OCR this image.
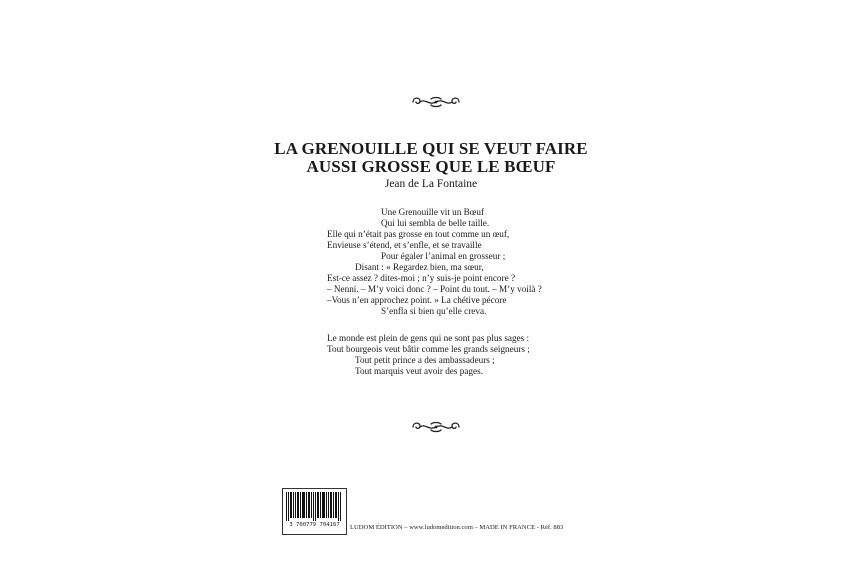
LA GRENOUILLE QUI SE VEUT FAIRE
AUSSI GROSSE QUE LE BŒUF
Jean de La Fontaine
Une Grenouille vit un Bœuf
Qui lui sembla de belle taille.
Elle qui n’était pas grosse en tout comme un œuf,
Envieuse s’étend, et s’enfle, et se travaille
Pour égaler l’animal en grosseur ;
Disant : « Regardez bien, ma sœur,
Est-ce assez ? dites-moi ; n’y suis-je point encore ?
– Nenni. – M’y voici donc ? – Point du tout. – M’y voilà ?
–Vous n’en approchez point. » La chétive pécore
S’enfla si bien qu’elle creva.
Le monde est plein de gens qui ne sont pas plus sages :
Tout bourgeois veut bâtir comme les grands seigneurs ;
Tout petit prince a des ambassadeurs ;
Tout marquis veut avoir des pages.
3 700779 704167	LUDOM ÉDITION – www.ludomedition.com – MADE IN FRANCE - Réf. 883
